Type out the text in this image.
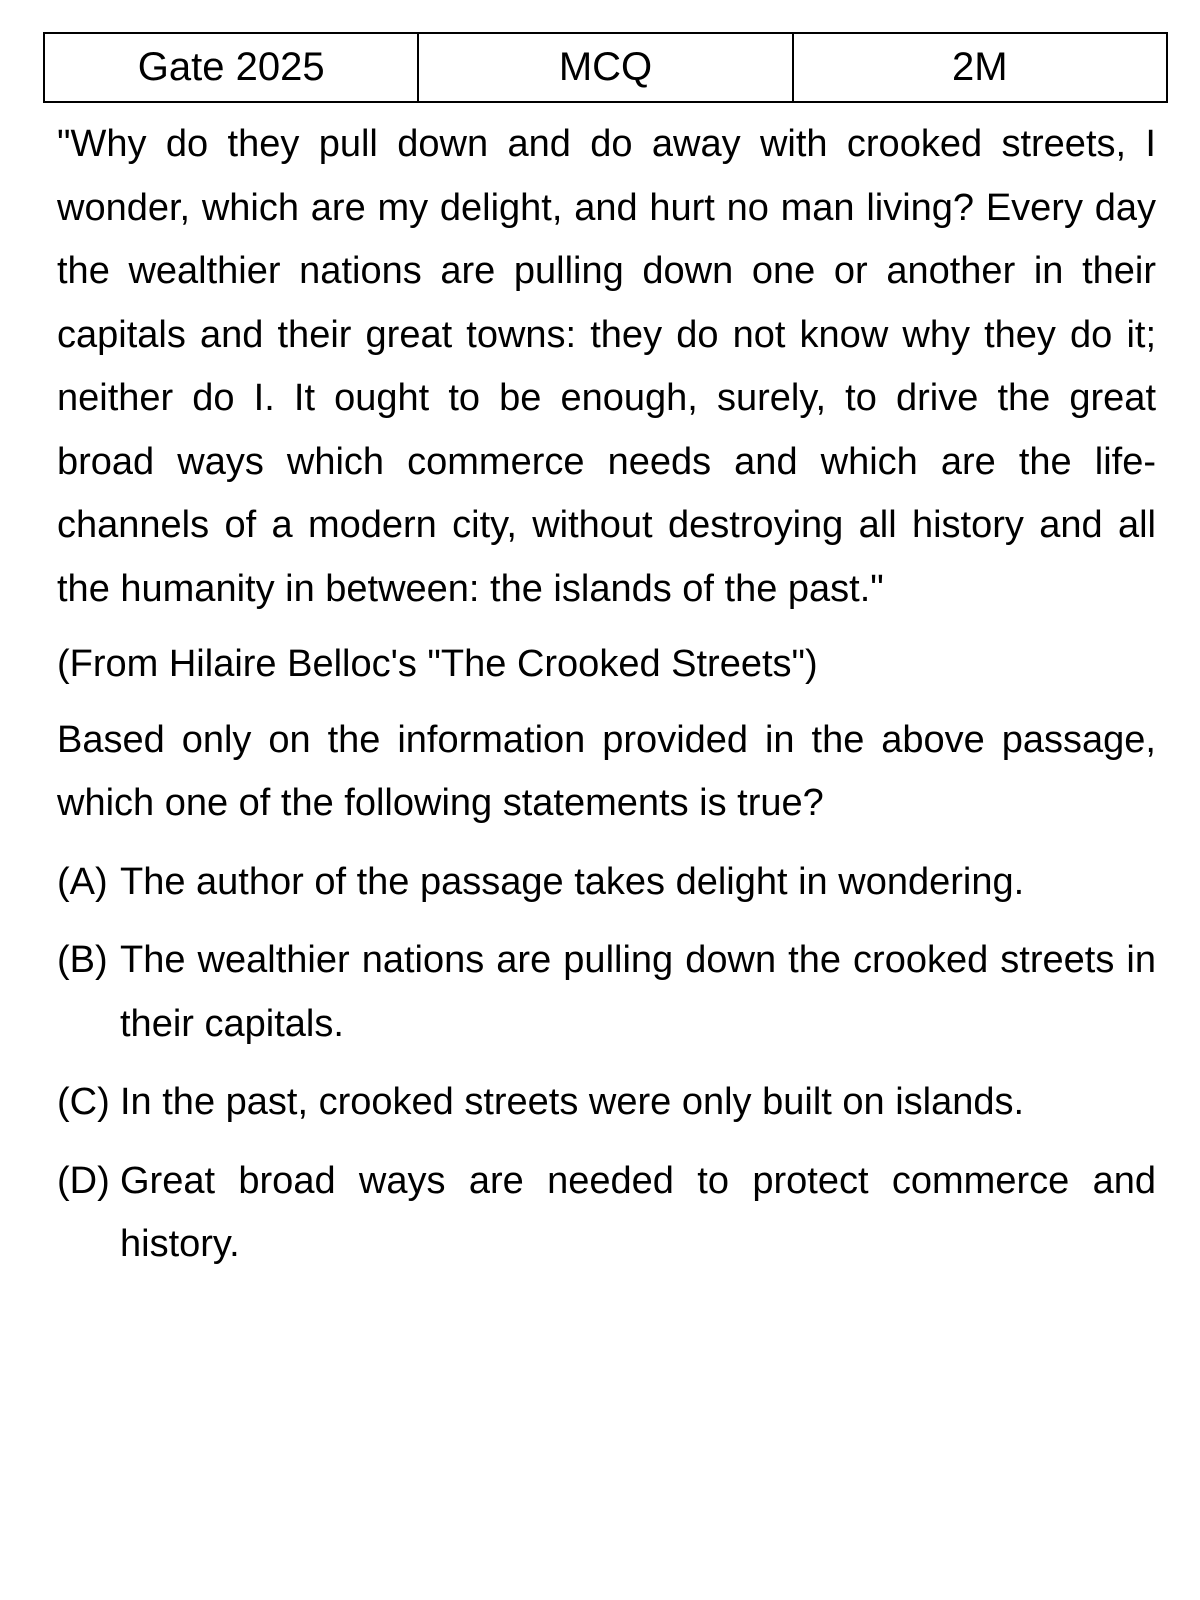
Gate 2025	MCQ	2M

"Why do they pull down and do away with crooked streets, I wonder, which are my delight, and hurt no man living? Every day the wealthier nations are pulling down one or another in their capitals and their great towns: they do not know why they do it; neither do I. It ought to be enough, surely, to drive the great broad ways which commerce needs and which are the life-channels of a modern city, without destroying all history and all the humanity in between: the islands of the past."

(From Hilaire Belloc's "The Crooked Streets")

Based only on the information provided in the above passage, which one of the following statements is true?

(A) The author of the passage takes delight in wondering.
(B) The wealthier nations are pulling down the crooked streets in their capitals.
(C) In the past, crooked streets were only built on islands.
(D) Great broad ways are needed to protect commerce and history.
